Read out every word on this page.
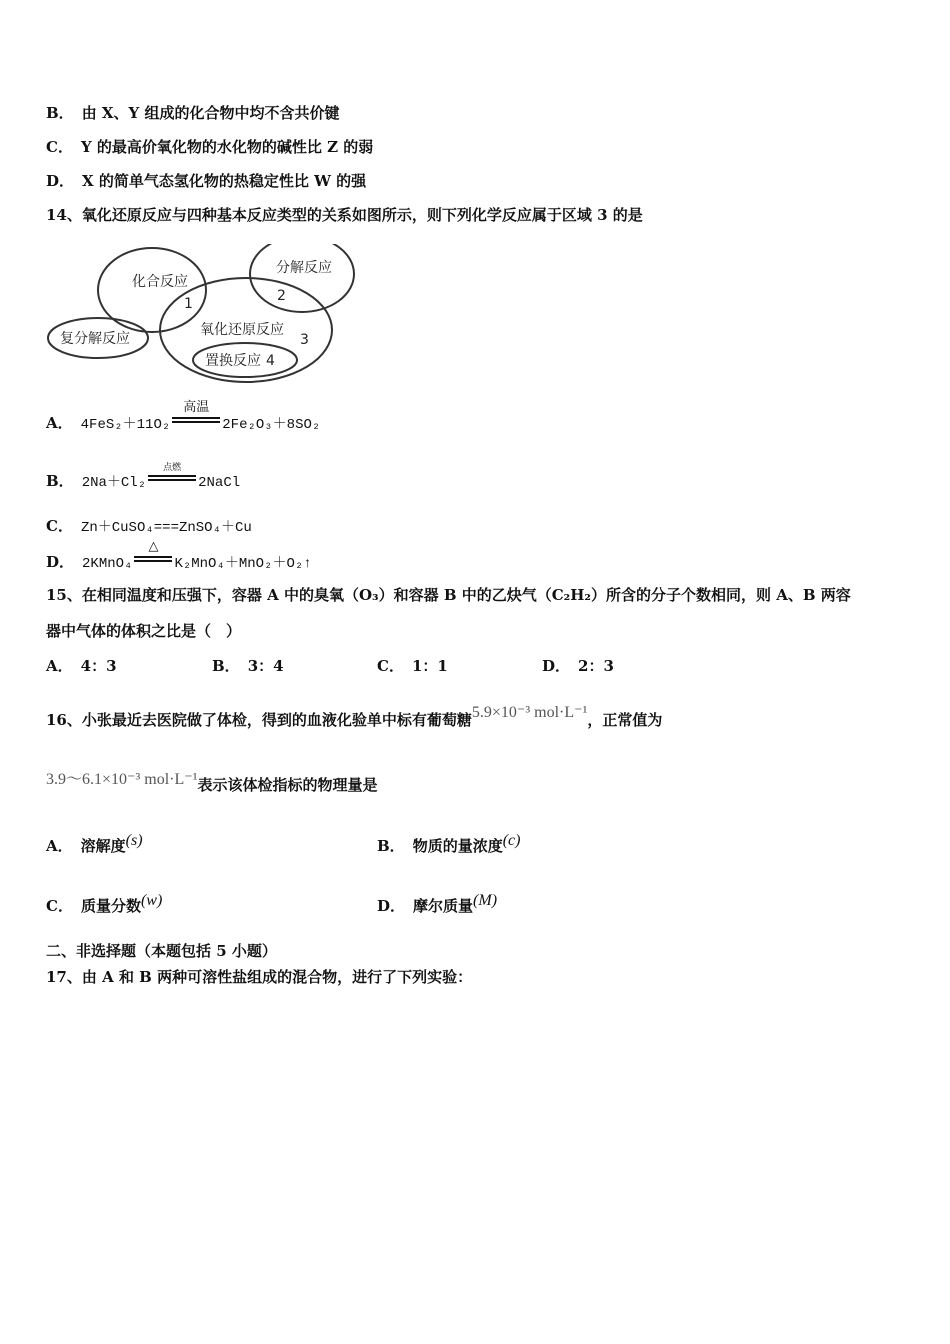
B． 由 X、Y 组成的化合物中均不含共价键
C． Y 的最高价氧化物的水化物的碱性比 Z 的弱
D． X 的简单气态氢化物的热稳定性比 W 的强
14、氧化还原反应与四种基本反应类型的关系如图所示，则下列化学反应属于区域 3 的是
化合反应
分解反应
复分解反应
氧化还原反应
置换反应
1	2
3
4
A． 4FeS₂＋11O₂
高温
2Fe₂O₃＋8SO₂
B． 2Na＋Cl₂
点燃
2NaCl
C． Zn＋CuSO₄===ZnSO₄＋Cu
D． 2KMnO₄
△
K₂MnO₄＋MnO₂＋O₂↑
15、在相同温度和压强下，容器 A 中的臭氧（O₃）和容器 B 中的乙炔气（C₂H₂）所含的分子个数相同，则 A、B 两容
器中气体的体积之比是（　）
A． 4：3	B． 3：4	C． 1：1	D． 2：3
16、小张最近去医院做了体检，得到的血液化验单中标有葡萄糖5.9×10⁻³ mol·L⁻¹，正常值为
3.9～6.1×10⁻³ mol·L⁻¹表示该体检指标的物理量是
A． 溶解度(s)	B． 物质的量浓度(c)
C． 质量分数(w)	D． 摩尔质量(M)
二、非选择题（本题包括 5 小题）
17、由 A 和 B 两种可溶性盐组成的混合物，进行了下列实验：
